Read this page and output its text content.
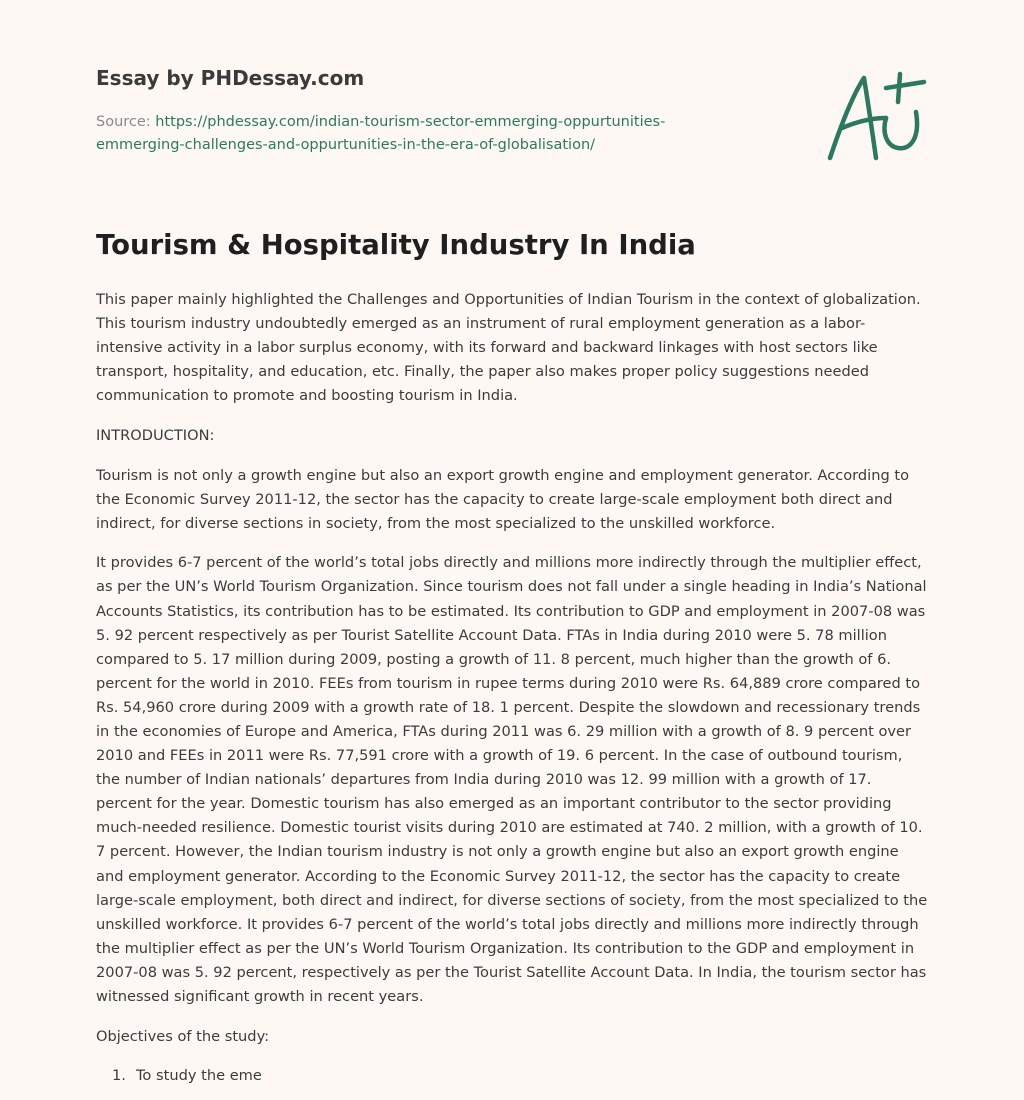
Essay by PHDessay.com

Source: https://phdessay.com/indian-tourism-sector-emmerging-oppurtunities-emmerging-challenges-and-oppurtunities-in-the-era-of-globalisation/
Tourism & Hospitality Industry In India

This paper mainly highlighted the Challenges and Opportunities of Indian Tourism in the context of globalization. This tourism industry undoubtedly emerged as an instrument of rural employment generation as a labor-intensive activity in a labor surplus economy, with its forward and backward linkages with host sectors like transport, hospitality, and education, etc. Finally, the paper also makes proper policy suggestions needed communication to promote and boosting tourism in India.

INTRODUCTION:

Tourism is not only a growth engine but also an export growth engine and employment generator. According to the Economic Survey 2011-12, the sector has the capacity to create large-scale employment both direct and indirect, for diverse sections in society, from the most specialized to the unskilled workforce.

It provides 6-7 percent of the world’s total jobs directly and millions more indirectly through the multiplier effect, as per the UN’s World Tourism Organization. Since tourism does not fall under a single heading in India’s National Accounts Statistics, its contribution has to be estimated. Its contribution to GDP and employment in 2007-08 was 5. 92 percent respectively as per Tourist Satellite Account Data. FTAs in India during 2010 were 5. 78 million compared to 5. 17 million during 2009, posting a growth of 11. 8 percent, much higher than the growth of 6. percent for the world in 2010. FEEs from tourism in rupee terms during 2010 were Rs. 64,889 crore compared to Rs. 54,960 crore during 2009 with a growth rate of 18. 1 percent. Despite the slowdown and recessionary trends in the economies of Europe and America, FTAs during 2011 was 6. 29 million with a growth of 8. 9 percent over 2010 and FEEs in 2011 were Rs. 77,591 crore with a growth of 19. 6 percent. In the case of outbound tourism, the number of Indian nationals’ departures from India during 2010 was 12. 99 million with a growth of 17. percent for the year. Domestic tourism has also emerged as an important contributor to the sector providing much-needed resilience. Domestic tourist visits during 2010 are estimated at 740. 2 million, with a growth of 10. 7 percent. However, the Indian tourism industry is not only a growth engine but also an export growth engine and employment generator. According to the Economic Survey 2011-12, the sector has the capacity to create large-scale employment, both direct and indirect, for diverse sections of society, from the most specialized to the unskilled workforce. It provides 6-7 percent of the world’s total jobs directly and millions more indirectly through the multiplier effect as per the UN’s World Tourism Organization. Its contribution to the GDP and employment in 2007-08 was 5. 92 percent, respectively as per the Tourist Satellite Account Data. In India, the tourism sector has witnessed significant growth in recent years.

Objectives of the study:

1. To study the eme
